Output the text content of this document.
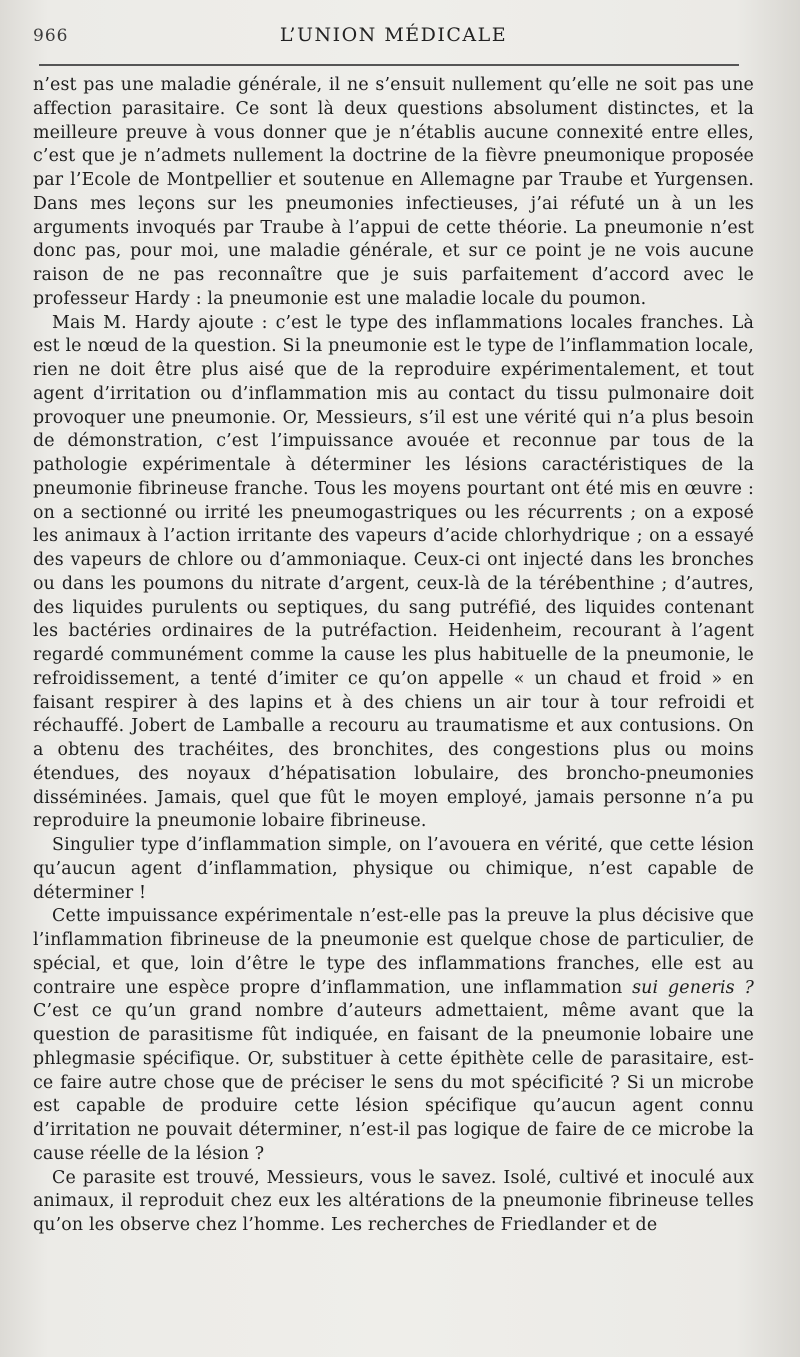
966	L’UNION MÉDICALE

n’est pas une maladie générale, il ne s’ensuit nullement qu’elle ne soit pas une affection parasitaire. Ce sont là deux questions absolument distinctes, et la meilleure preuve à vous donner que je n’établis aucune connexité entre elles, c’est que je n’admets nullement la doctrine de la fièvre pneumonique proposée par l’Ecole de Montpellier et soutenue en Allemagne par Traube et Yurgensen. Dans mes leçons sur les pneumonies infectieuses, j’ai réfuté un à un les arguments invoqués par Traube à l’appui de cette théorie. La pneumonie n’est donc pas, pour moi, une maladie générale, et sur ce point je ne vois aucune raison de ne pas reconnaître que je suis parfaitement d’accord avec le professeur Hardy : la pneumonie est une maladie locale du poumon.

Mais M. Hardy ajoute : c’est le type des inflammations locales franches. Là est le nœud de la question. Si la pneumonie est le type de l’inflammation locale, rien ne doit être plus aisé que de la reproduire expérimentalement, et tout agent d’irritation ou d’inflammation mis au contact du tissu pulmonaire doit provoquer une pneumonie. Or, Messieurs, s’il est une vérité qui n’a plus besoin de démonstration, c’est l’impuissance avouée et reconnue par tous de la pathologie expérimentale à déterminer les lésions caractéristiques de la pneumonie fibrineuse franche. Tous les moyens pourtant ont été mis en œuvre : on a sectionné ou irrité les pneumogastriques ou les récurrents ; on a exposé les animaux à l’action irritante des vapeurs d’acide chlorhydrique ; on a essayé des vapeurs de chlore ou d’ammoniaque. Ceux-ci ont injecté dans les bronches ou dans les poumons du nitrate d’argent, ceux-là de la térébenthine ; d’autres, des liquides purulents ou septiques, du sang putréfié, des liquides contenant les bactéries ordinaires de la putréfaction. Heidenheim, recourant à l’agent regardé communément comme la cause les plus habituelle de la pneumonie, le refroidissement, a tenté d’imiter ce qu’on appelle « un chaud et froid » en faisant respirer à des lapins et à des chiens un air tour à tour refroidi et réchauffé. Jobert de Lamballe a recouru au traumatisme et aux contusions. On a obtenu des trachéites, des bronchites, des congestions plus ou moins étendues, des noyaux d’hépatisation lobulaire, des broncho-pneumonies disséminées. Jamais, quel que fût le moyen employé, jamais personne n’a pu reproduire la pneumonie lobaire fibrineuse.

Singulier type d’inflammation simple, on l’avouera en vérité, que cette lésion qu’aucun agent d’inflammation, physique ou chimique, n’est capable de déterminer !

Cette impuissance expérimentale n’est-elle pas la preuve la plus décisive que l’inflammation fibrineuse de la pneumonie est quelque chose de particulier, de spécial, et que, loin d’être le type des inflammations franches, elle est au contraire une espèce propre d’inflammation, une inflammation sui generis ? C’est ce qu’un grand nombre d’auteurs admettaient, même avant que la question de parasitisme fût indiquée, en faisant de la pneumonie lobaire une phlegmasie spécifique. Or, substituer à cette épithète celle de parasitaire, est-ce faire autre chose que de préciser le sens du mot spécificité ? Si un microbe est capable de produire cette lésion spécifique qu’aucun agent connu d’irritation ne pouvait déterminer, n’est-il pas logique de faire de ce microbe la cause réelle de la lésion ?

Ce parasite est trouvé, Messieurs, vous le savez. Isolé, cultivé et inoculé aux animaux, il reproduit chez eux les altérations de la pneumonie fibrineuse telles qu’on les observe chez l’homme. Les recherches de Friedlander et de
